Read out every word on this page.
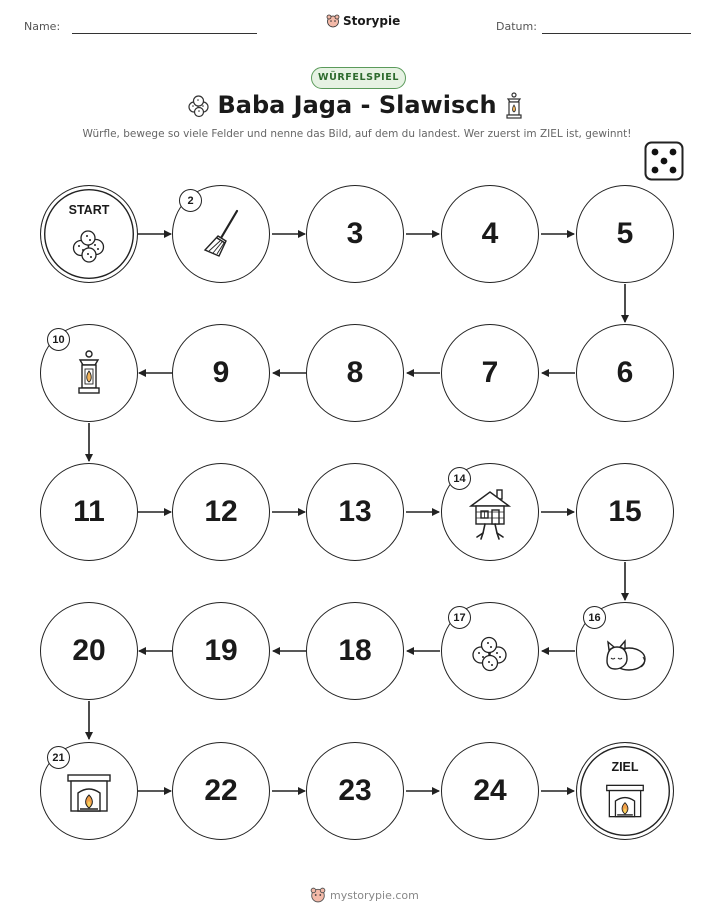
Name:	Storypie	Datum:
WÜRFELSPIEL
Baba Jaga - Slawisch
Würfle, bewege so viele Felder und nenne das Bild, auf dem du landest. Wer zuerst im ZIEL ist, gewinnt!
START
2
3	4	5
10
9	8	7	6
11	12	13
14
15
20	19	18
17	16
21
22	23	24
ZIEL
mystorypie.com
